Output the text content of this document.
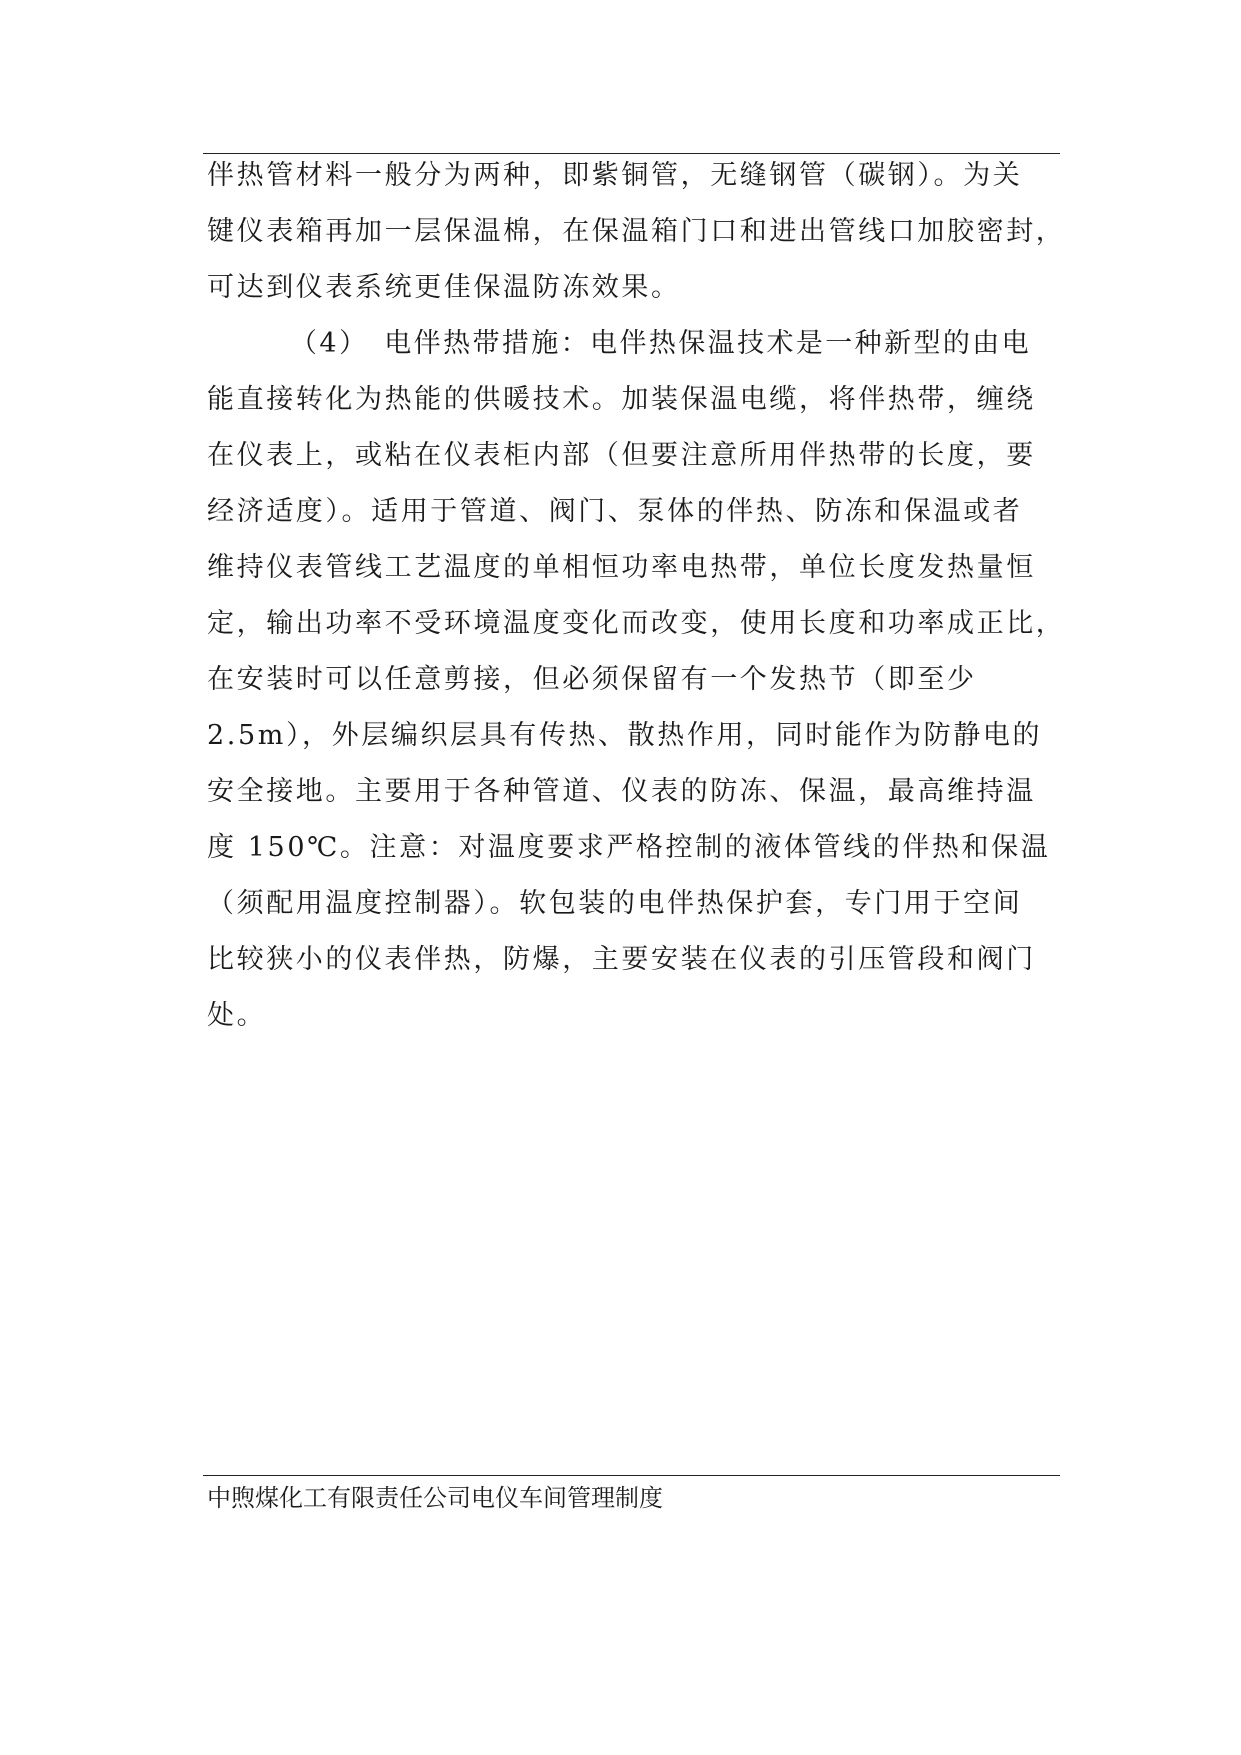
伴热管材料一般分为两种，即紫铜管，无缝钢管（碳钢）。为关
键仪表箱再加一层保温棉，在保温箱门口和进出管线口加胶密封，
可达到仪表系统更佳保温防冻效果。
（4）　电伴热带措施：电伴热保温技术是一种新型的由电
能直接转化为热能的供暖技术。加装保温电缆，将伴热带，缠绕
在仪表上，或粘在仪表柜内部（但要注意所用伴热带的长度，要
经济适度）。适用于管道、阀门、泵体的伴热、防冻和保温或者
维持仪表管线工艺温度的单相恒功率电热带，单位长度发热量恒
定，输出功率不受环境温度变化而改变，使用长度和功率成正比，
在安装时可以任意剪接，但必须保留有一个发热节（即至少
2.5m），外层编织层具有传热、散热作用，同时能作为防静电的
安全接地。主要用于各种管道、仪表的防冻、保温，最高维持温
度 150℃。注意：对温度要求严格控制的液体管线的伴热和保温
（须配用温度控制器）。软包装的电伴热保护套，专门用于空间
比较狭小的仪表伴热，防爆，主要安装在仪表的引压管段和阀门
处。
中煦煤化工有限责任公司电仪车间管理制度
